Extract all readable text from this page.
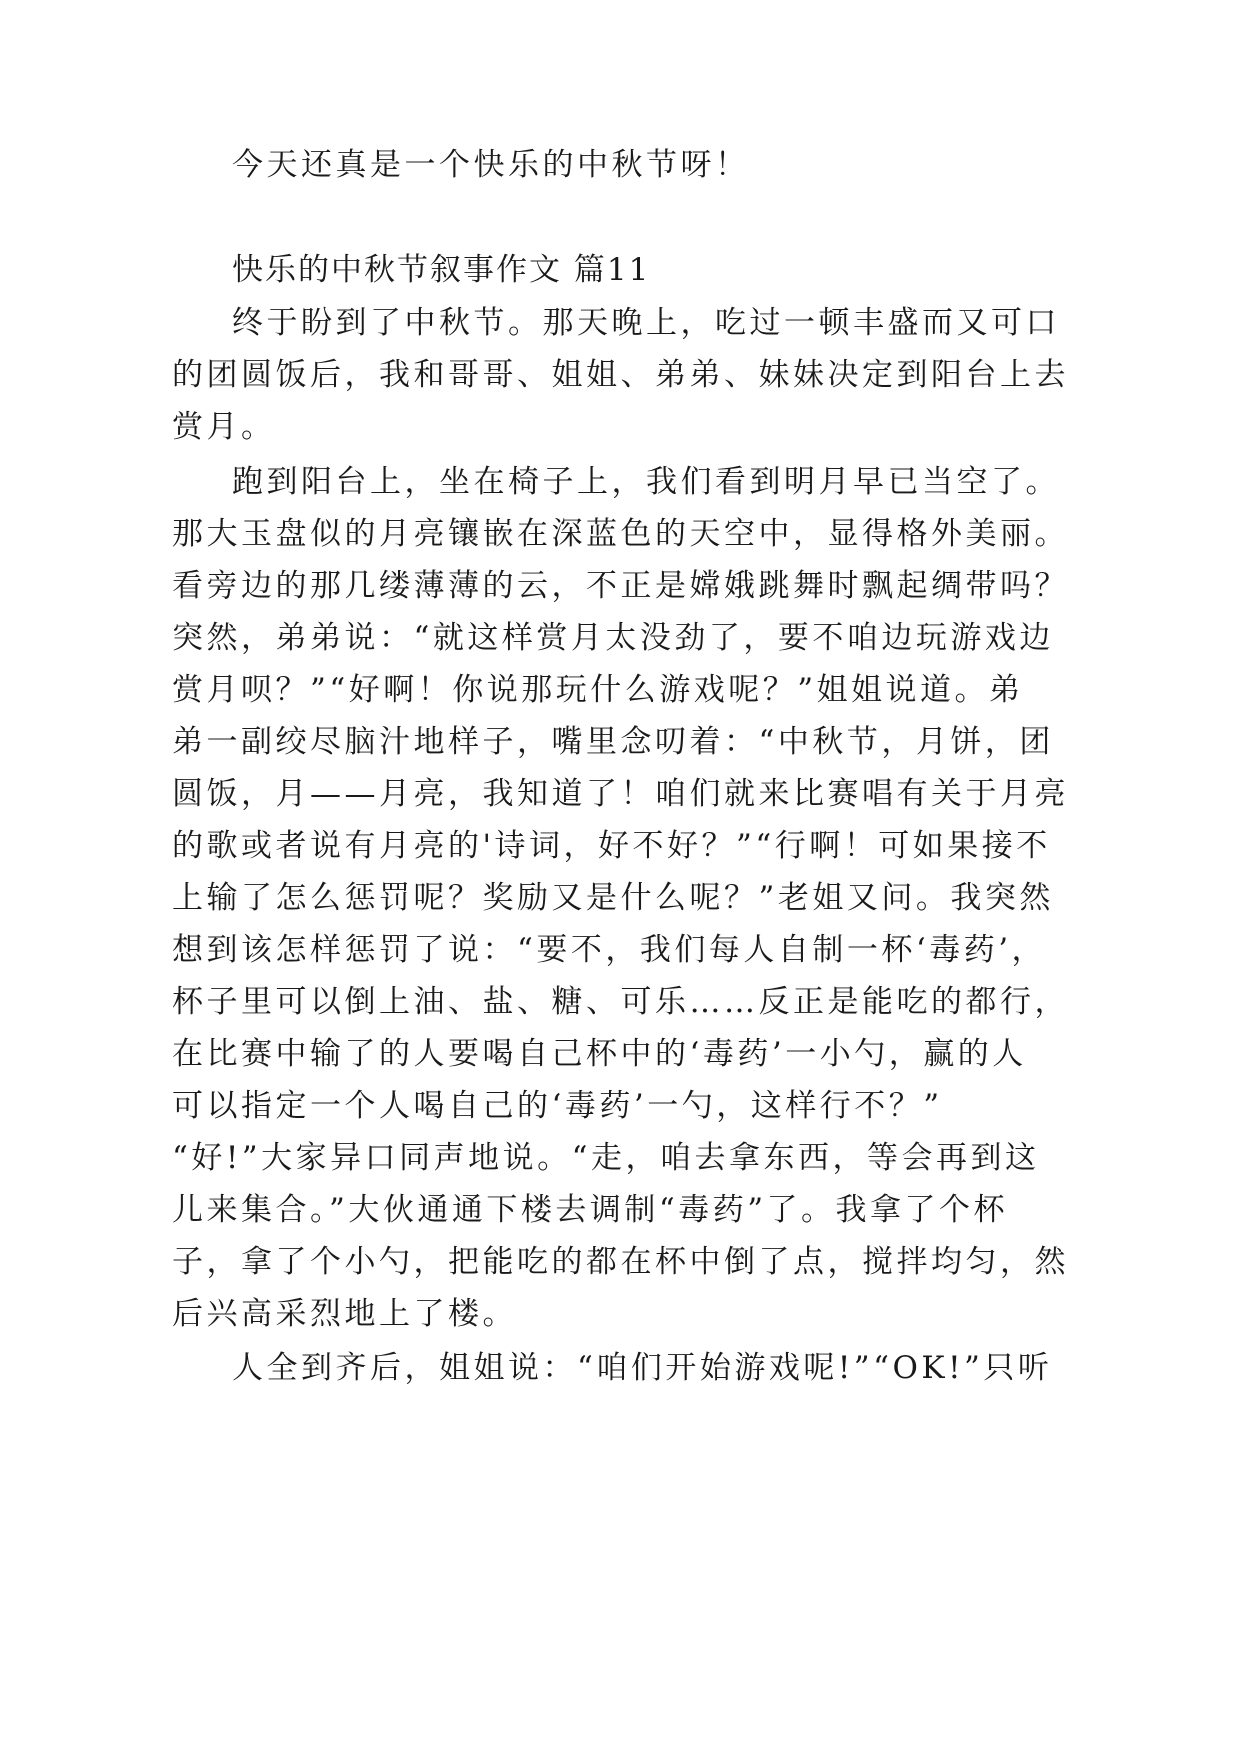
今天还真是一个快乐的中秋节呀！
快乐的中秋节叙事作文 篇11
终于盼到了中秋节。那天晚上，吃过一顿丰盛而又可口
的团圆饭后，我和哥哥、姐姐、弟弟、妹妹决定到阳台上去
赏月。
跑到阳台上，坐在椅子上，我们看到明月早已当空了。
那大玉盘似的月亮镶嵌在深蓝色的天空中，显得格外美丽。
看旁边的那几缕薄薄的云，不正是嫦娥跳舞时飘起绸带吗？
突然，弟弟说：“就这样赏月太没劲了，要不咱边玩游戏边
赏月呗？”“好啊！你说那玩什么游戏呢？”姐姐说道。弟
弟一副绞尽脑汁地样子，嘴里念叨着：“中秋节，月饼，团
圆饭，月——月亮，我知道了！咱们就来比赛唱有关于月亮
的歌或者说有月亮的'诗词，好不好？”“行啊！可如果接不
上输了怎么惩罚呢？奖励又是什么呢？”老姐又问。我突然
想到该怎样惩罚了说：“要不，我们每人自制一杯‘毒药’，
杯子里可以倒上油、盐、糖、可乐……反正是能吃的都行，
在比赛中输了的人要喝自己杯中的‘毒药’一小勺，赢的人
可以指定一个人喝自己的‘毒药’一勺，这样行不？”
“好!”大家异口同声地说。“走，咱去拿东西，等会再到这
儿来集合。”大伙通通下楼去调制“毒药”了。我拿了个杯
子，拿了个小勺，把能吃的都在杯中倒了点，搅拌均匀，然
后兴高采烈地上了楼。
人全到齐后，姐姐说：“咱们开始游戏呢!”“OK!”只听
